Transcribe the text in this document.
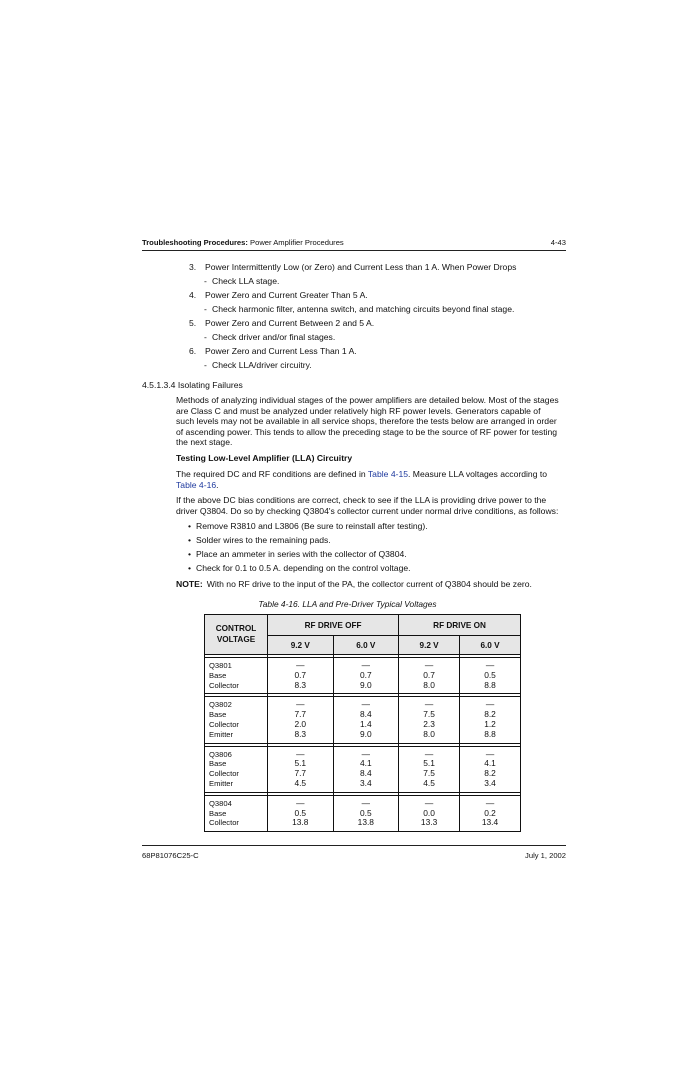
Troubleshooting Procedures: Power Amplifier Procedures	4-43
3. Power Intermittently Low (or Zero) and Current Less than 1 A. When Power Drops
- Check LLA stage.
4. Power Zero and Current Greater Than 5 A.
- Check harmonic filter, antenna switch, and matching circuits beyond final stage.
5. Power Zero and Current Between 2 and 5 A.
- Check driver and/or final stages.
6. Power Zero and Current Less Than 1 A.
- Check LLA/driver circuitry.
4.5.1.3.4 Isolating Failures
Methods of analyzing individual stages of the power amplifiers are detailed below. Most of the stages
are Class C and must be analyzed under relatively high RF power levels. Generators capable of
such levels may not be available in all service shops, therefore the tests below are arranged in order
of ascending power. This tends to allow the preceding stage to be the source of RF power for testing
the next stage.
Testing Low-Level Amplifier (LLA) Circuitry
The required DC and RF conditions are defined in Table 4-15. Measure LLA voltages according to
Table 4-16.
If the above DC bias conditions are correct, check to see if the LLA is providing drive power to the
driver Q3804. Do so by checking Q3804's collector current under normal drive conditions, as follows:
• Remove R3810 and L3806 (Be sure to reinstall after testing).
• Solder wires to the remaining pads.
• Place an ammeter in series with the collector of Q3804.
• Check for 0.1 to 0.5 A. depending on the control voltage.
NOTE: With no RF drive to the input of the PA, the collector current of Q3804 should be zero.
Table 4-16. LLA and Pre-Driver Typical Voltages
CONTROL
VOLTAGE	RF DRIVE OFF		RF DRIVE ON	
	9.2 V	6.0 V	9.2 V	6.0 V

Q3801
Base
Collector	—
0.7
8.3	—
0.7
9.0	—
0.7
8.0	—
0.5
8.8

Q3802
Base
Collector
Emitter	—
7.7
2.0
8.3	—
8.4
1.4
9.0	—
7.5
2.3
8.0	—
8.2
1.2
8.8

Q3806
Base
Collector
Emitter	—
5.1
7.7
4.5	—
4.1
8.4
3.4	—
5.1
7.5
4.5	—
4.1
8.2
3.4

Q3804
Base
Collector	—
0.5
13.8	—
0.5
13.8	—
0.0
13.3	—
0.2
13.4
68P81076C25-C	July 1, 2002
